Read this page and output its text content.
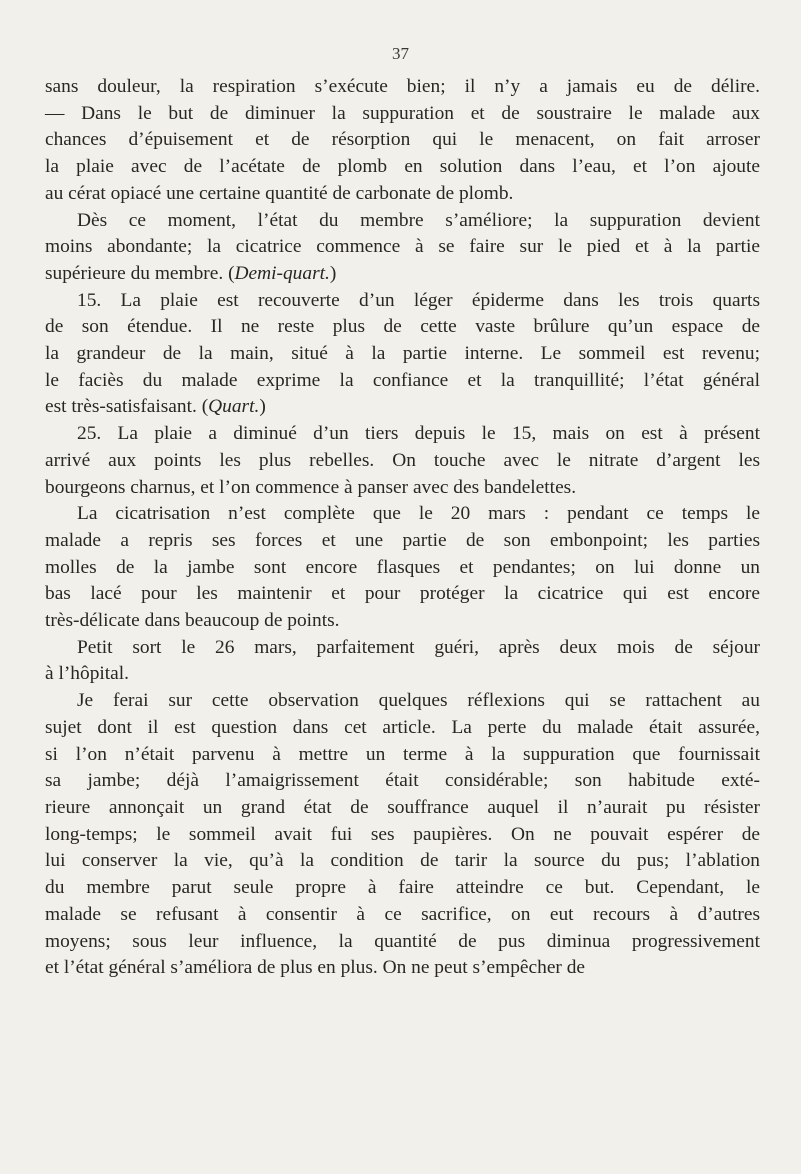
37

sans douleur, la respiration s’exécute bien; il n’y a jamais eu de délire.
— Dans le but de diminuer la suppuration et de soustraire le malade aux
chances d’épuisement et de résorption qui le menacent, on fait arroser
la plaie avec de l’acétate de plomb en solution dans l’eau, et l’on ajoute
au cérat opiacé une certaine quantité de carbonate de plomb.

Dès ce moment, l’état du membre s’améliore; la suppuration devient
moins abondante; la cicatrice commence à se faire sur le pied et à la partie
supérieure du membre. (Demi-quart.)

15. La plaie est recouverte d’un léger épiderme dans les trois quarts
de son étendue. Il ne reste plus de cette vaste brûlure qu’un espace de
la grandeur de la main, situé à la partie interne. Le sommeil est revenu;
le faciès du malade exprime la confiance et la tranquillité; l’état général
est très-satisfaisant. (Quart.)

25. La plaie a diminué d’un tiers depuis le 15, mais on est à présent
arrivé aux points les plus rebelles. On touche avec le nitrate d’argent les
bourgeons charnus, et l’on commence à panser avec des bandelettes.

La cicatrisation n’est complète que le 20 mars : pendant ce temps le
malade a repris ses forces et une partie de son embonpoint; les parties
molles de la jambe sont encore flasques et pendantes; on lui donne un
bas lacé pour les maintenir et pour protéger la cicatrice qui est encore
très-délicate dans beaucoup de points.

Petit sort le 26 mars, parfaitement guéri, après deux mois de séjour
à l’hôpital.

Je ferai sur cette observation quelques réflexions qui se rattachent au
sujet dont il est question dans cet article. La perte du malade était assurée,
si l’on n’était parvenu à mettre un terme à la suppuration que fournissait
sa jambe; déjà l’amaigrissement était considérable; son habitude exté-
rieure annonçait un grand état de souffrance auquel il n’aurait pu résister
long-temps; le sommeil avait fui ses paupières. On ne pouvait espérer de
lui conserver la vie, qu’à la condition de tarir la source du pus; l’ablation
du membre parut seule propre à faire atteindre ce but. Cependant, le
malade se refusant à consentir à ce sacrifice, on eut recours à d’autres
moyens; sous leur influence, la quantité de pus diminua progressivement
et l’état général s’améliora de plus en plus. On ne peut s’empêcher de
